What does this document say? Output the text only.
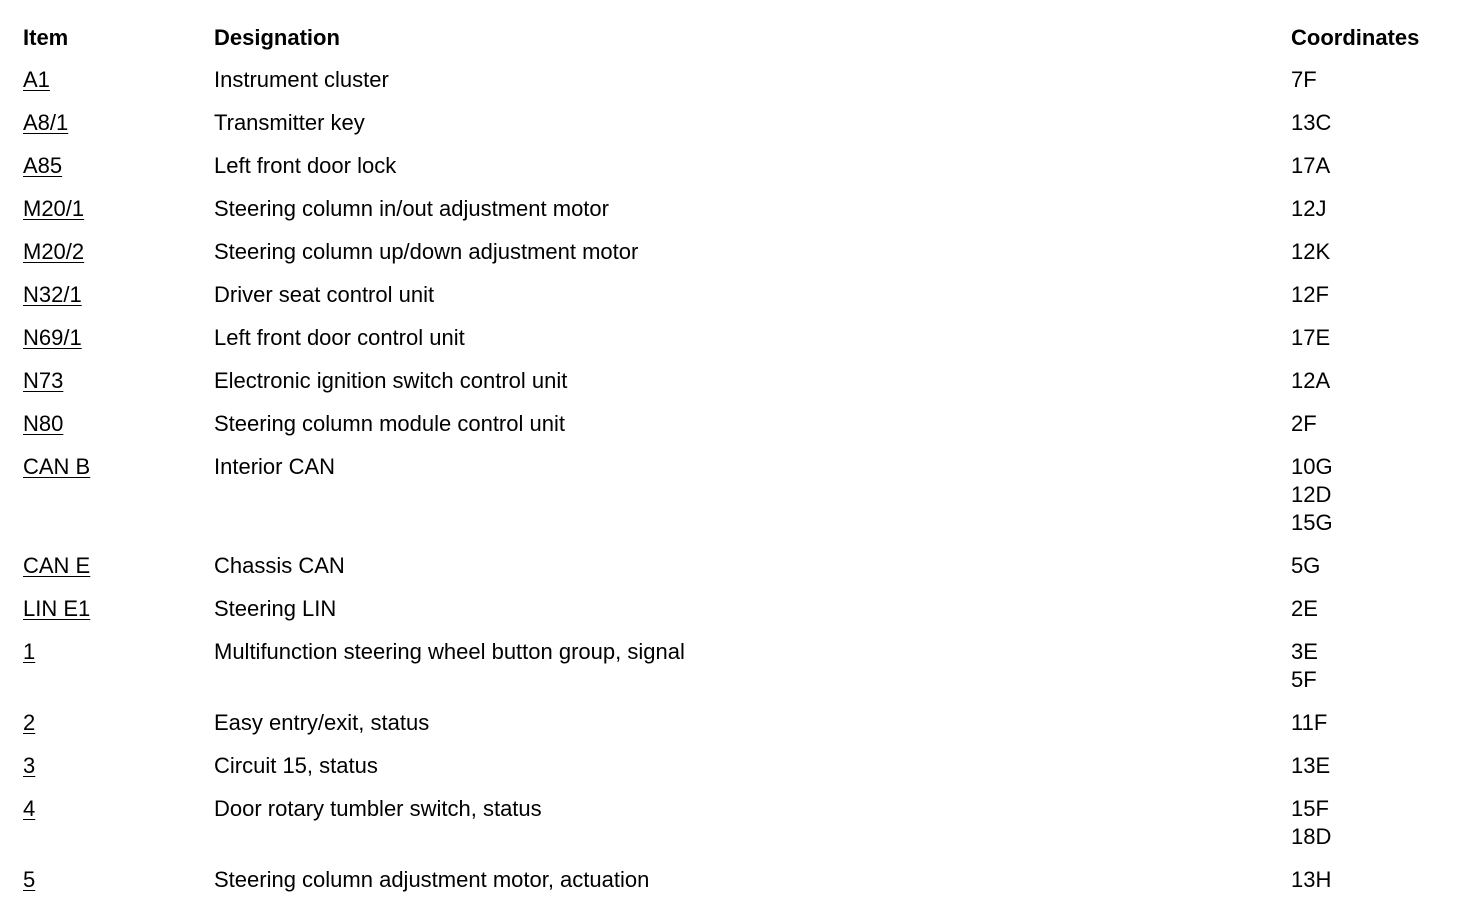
Item	Designation	Coordinates
A1	Instrument cluster	7F
A8/1	Transmitter key	13C
A85	Left front door lock	17A
M20/1	Steering column in/out adjustment motor	12J
M20/2	Steering column up/down adjustment motor	12K
N32/1	Driver seat control unit	12F
N69/1	Left front door control unit	17E
N73	Electronic ignition switch control unit	12A
N80	Steering column module control unit	2F
CAN B	Interior CAN	10G
12D
15G
CAN E	Chassis CAN	5G
LIN E1	Steering LIN	2E
1	Multifunction steering wheel button group, signal	3E
5F
2	Easy entry/exit, status	11F
3	Circuit 15, status	13E
4	Door rotary tumbler switch, status	15F
18D
5	Steering column adjustment motor, actuation	13H
